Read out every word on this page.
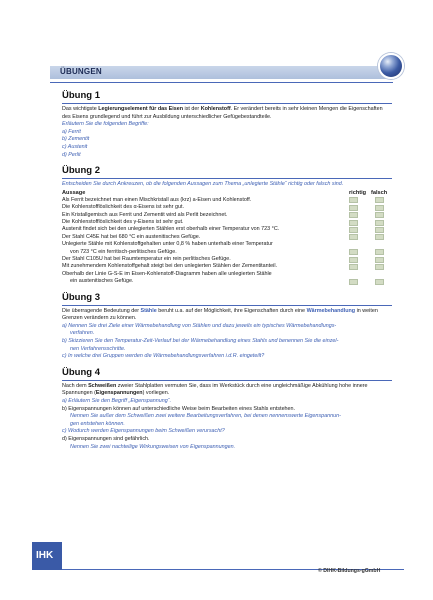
ÜBUNGEN
Übung 1
Das wichtigste Legierungselement für das Eisen ist der Kohlenstoff. Er verändert bereits in sehr kleinen Mengen die Eigenschaften des Eisens grundlegend und führt zur Ausbildung unterschiedlicher Gefügebestandteile.
Erläutern Sie die folgenden Begriffe:
a) Ferrit
b) Zementit
c) Austenit
d) Perlit
Übung 2
Entscheiden Sie durch Ankreuzen, ob die folgenden Aussagen zum Thema „unlegierte Stähle“ richtig oder falsch sind.
Aussage	richtig falsch
Als Ferrit bezeichnet man einen Mischkristall aus (krz) a-Eisen und Kohlenstoff.
Die Kohlenstofflöslichkeit des α-Eisens ist sehr gut.
Ein Kristallgemisch aus Ferrit und Zementit wird als Perlit bezeichnet.
Die Kohlenstofflöslichkeit des γ-Eisens ist sehr gut.
Austenit findet sich bei den unlegierten Stählen erst oberhalb einer Temperatur von 723 °C.
Der Stahl C45E hat bei 680 °C ein austenitisches Gefüge.
Unlegierte Stähle mit Kohlenstoffgehalten unter 0,8 % haben unterhalb einer Temperatur
von 723 °C ein ferritisch-perlitisches Gefüge.
Der Stahl C105U hat bei Raumtemperatur ein rein perlitisches Gefüge.
Mit zunehmendem Kohlenstoffgehalt steigt bei den unlegierten Stählen der Zementitanteil.
Oberhalb der Linie G-S-E im Eisen-Kohlenstoff-Diagramm haben alle unlegierten Stähle
ein austenitisches Gefüge.
Übung 3
Die überragende Bedeutung der Stähle beruht u.a. auf der Möglichkeit, ihre Eigenschaften durch eine Wärmebehandlung in weiten Grenzen verändern zu können.
a) Nennen Sie drei Ziele einer Wärmebehandlung von Stählen und dazu jeweils ein typisches Wärmebehandlungs-
verfahren.
b) Skizzieren Sie den Temperatur-Zeit-Verlauf bei der Wärmebehandlung eines Stahls und benennen Sie die einzel-
nen Verfahrensschritte.
c) In welche drei Gruppen werden die Wärmebehandlungsverfahren i.d.R. eingeteilt?
Übung 4
Nach dem Schweißen zweier Stahlplatten vermuten Sie, dass im Werkstück durch eine ungleichmäßige Abkühlung hohe innere Spannungen (Eigenspannungen) vorliegen.
a) Erläutern Sie den Begriff „Eigenspannung“.
b) Eigenspannungen können auf unterschiedliche Weise beim Bearbeiten eines Stahls entstehen.
Nennen Sie außer dem Schweißen zwei weitere Bearbeitungsverfahren, bei denen nennenswerte Eigenspannun-
gen entstehen können.
c) Wodurch werden Eigenspannungen beim Schweißen verursacht?
d) Eigenspannungen sind gefährlich.
Nennen Sie zwei nachteilige Wirkungsweisen von Eigenspannungen.
IHK
© DIHK-Bildungs-gGmbH
